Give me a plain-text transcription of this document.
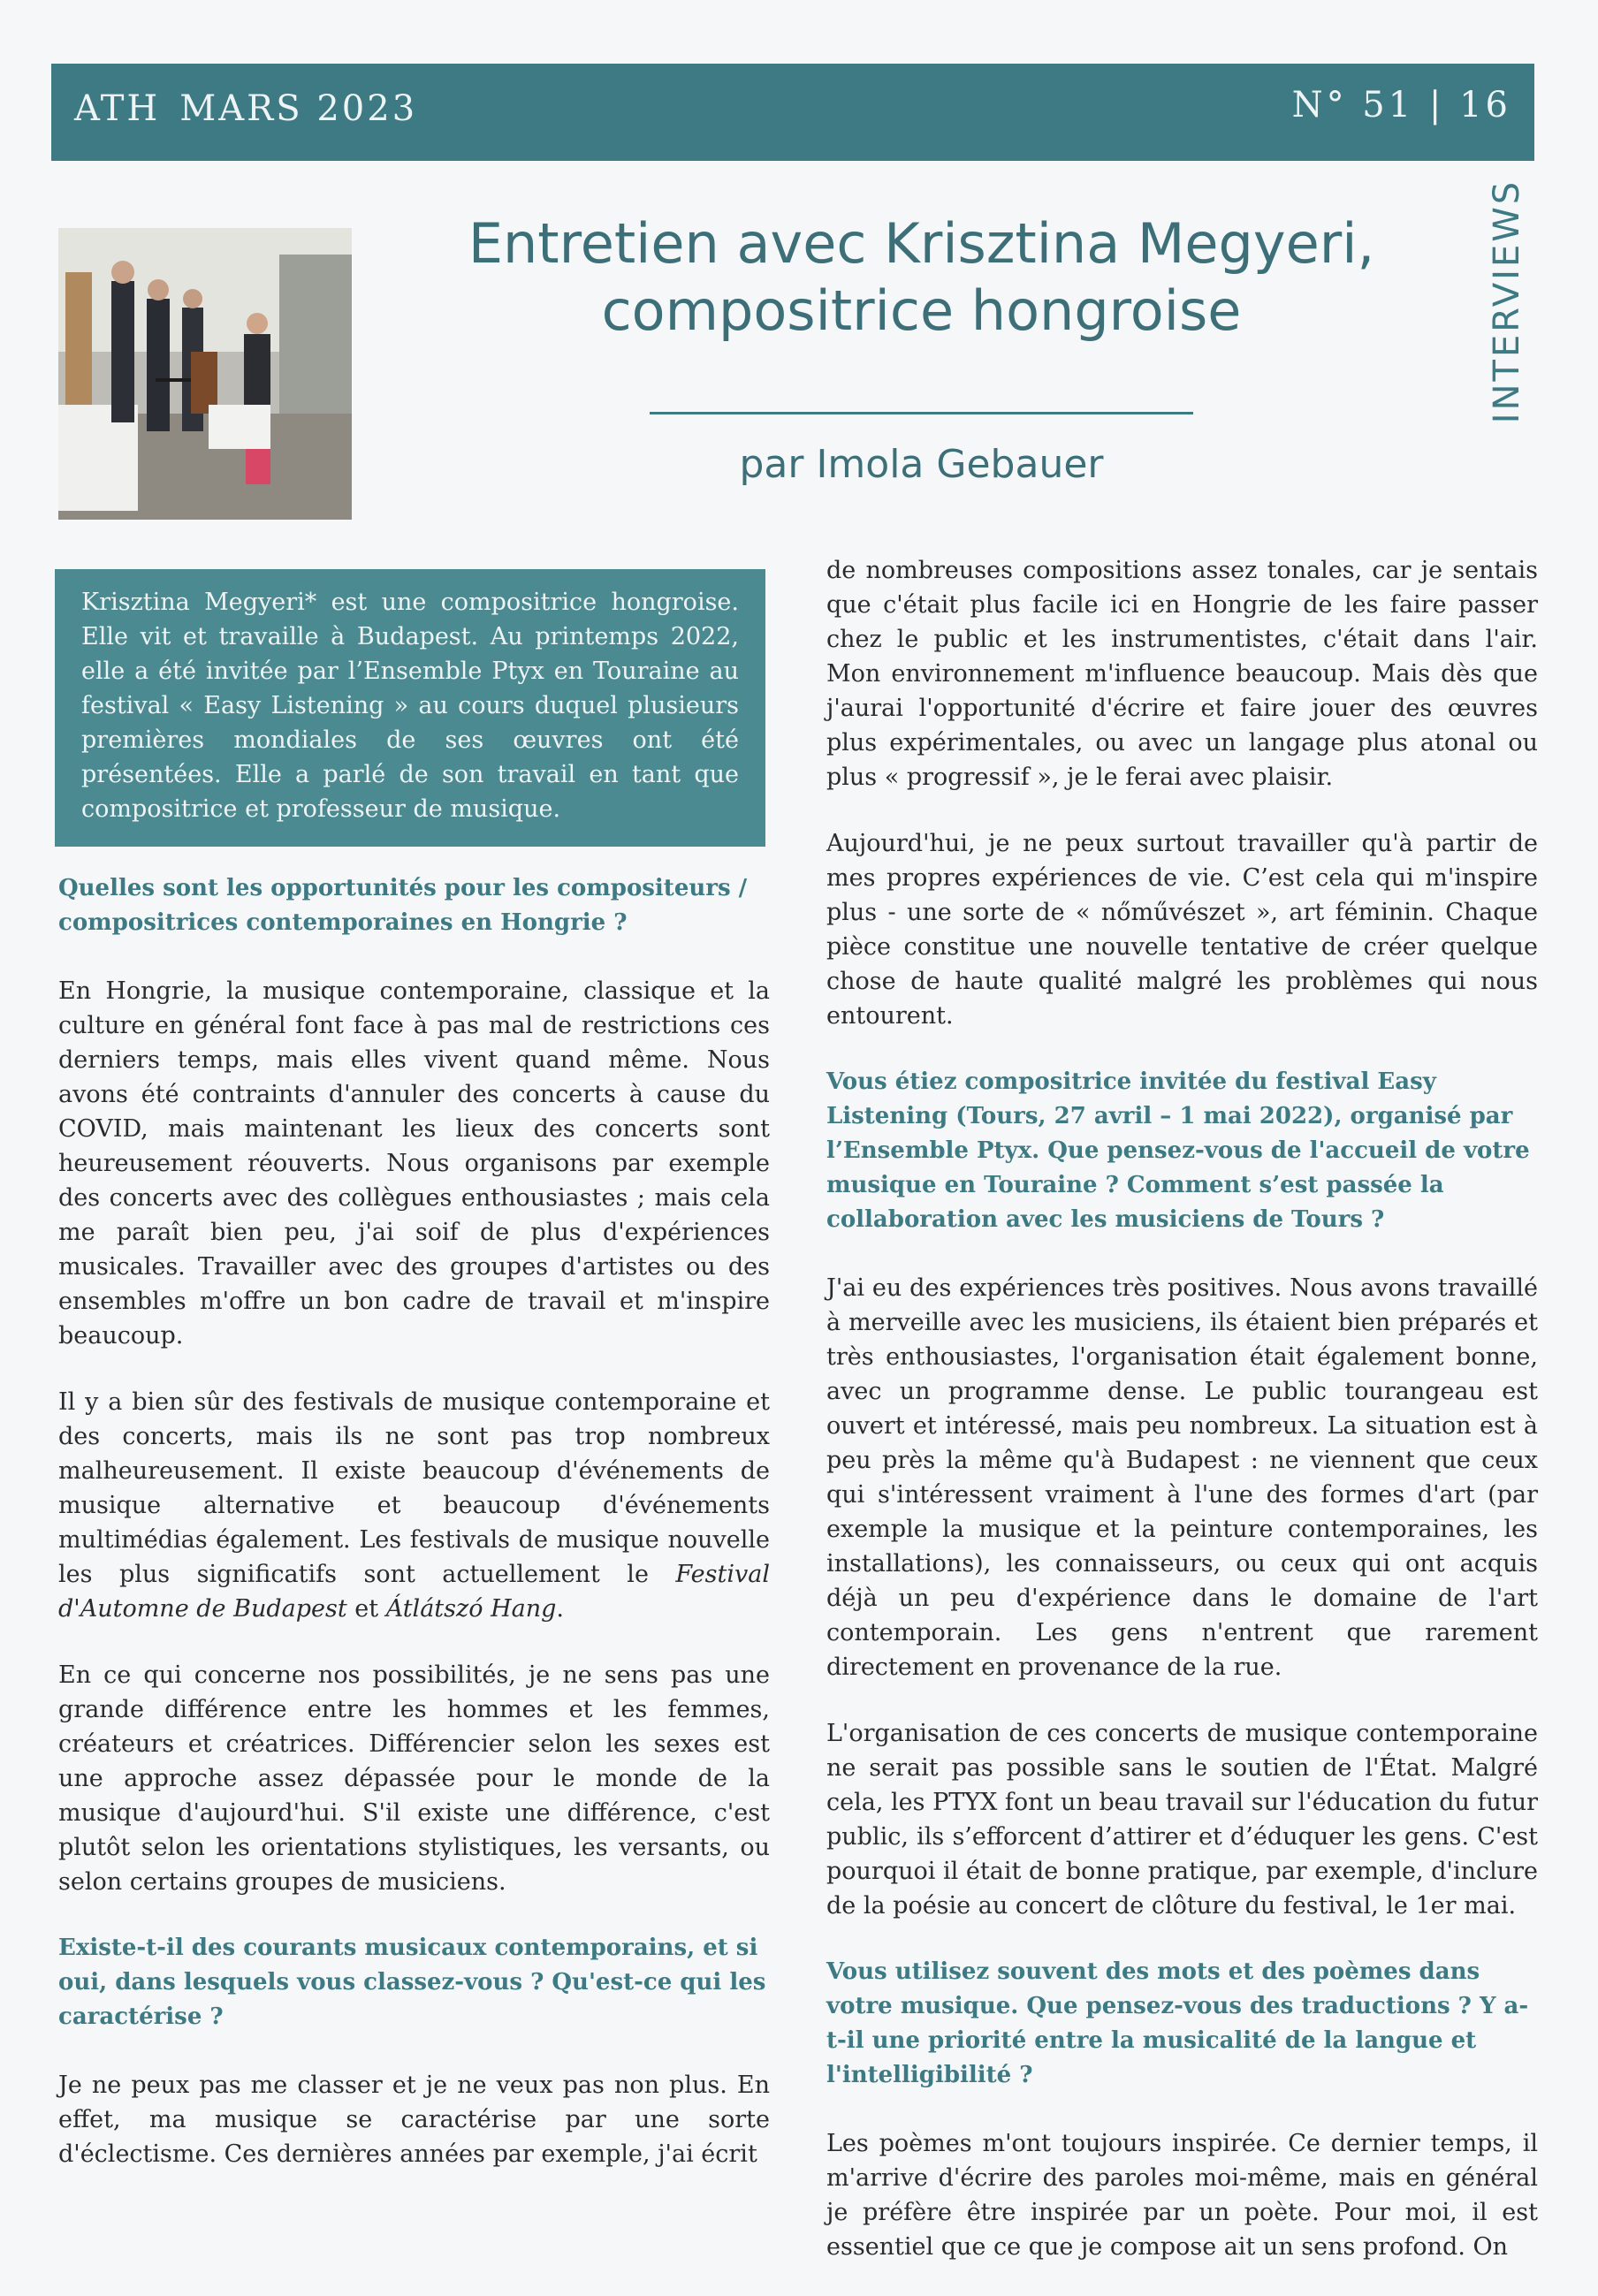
ATH MARS 2023	N° 51 | 16
INTERVIEWS
Entretien avec Krisztina Megyeri,
compositrice hongroise
par Imola Gebauer
Krisztina Megyeri* est une compositrice hongroise. Elle vit et travaille à Budapest. Au printemps 2022, elle a été invitée par l’Ensemble Ptyx en Touraine au festival « Easy Listening » au cours duquel plusieurs premières mondiales de ses œuvres ont été présentées. Elle a parlé de son travail en tant que compositrice et professeur de musique.
Quelles sont les opportunités pour les compositeurs / compositrices contemporaines en Hongrie ?
En Hongrie, la musique contemporaine, classique et la culture en général font face à pas mal de restrictions ces derniers temps, mais elles vivent quand même. Nous avons été contraints d'annuler des concerts à cause du COVID, mais maintenant les lieux des concerts sont heureusement réouverts. Nous organisons par exemple des concerts avec des collègues enthousiastes ; mais cela me paraît bien peu, j'ai soif de plus d'expériences musicales. Travailler avec des groupes d'artistes ou des ensembles m'offre un bon cadre de travail et m'inspire beaucoup.
Il y a bien sûr des festivals de musique contemporaine et des concerts, mais ils ne sont pas trop nombreux malheureusement. Il existe beaucoup d'événements de musique alternative et beaucoup d'événements multimédias également. Les festivals de musique nouvelle les plus significatifs sont actuellement le Festival d'Automne de Budapest et Átlátszó Hang.
En ce qui concerne nos possibilités, je ne sens pas une grande différence entre les hommes et les femmes, créateurs et créatrices. Différencier selon les sexes est une approche assez dépassée pour le monde de la musique d'aujourd'hui. S'il existe une différence, c'est plutôt selon les orientations stylistiques, les versants, ou selon certains groupes de musiciens.
Existe-t-il des courants musicaux contemporains, et si oui, dans lesquels vous classez-vous ? Qu'est-ce qui les caractérise ?
Je ne peux pas me classer et je ne veux pas non plus. En effet, ma musique se caractérise par une sorte d'éclectisme. Ces dernières années par exemple, j'ai écrit
de nombreuses compositions assez tonales, car je sentais que c'était plus facile ici en Hongrie de les faire passer chez le public et les instrumentistes, c'était dans l'air. Mon environnement m'influence beaucoup. Mais dès que j'aurai l'opportunité d'écrire et faire jouer des œuvres plus expérimentales, ou avec un langage plus atonal ou plus « progressif », je le ferai avec plaisir.
Aujourd'hui, je ne peux surtout travailler qu'à partir de mes propres expériences de vie. C’est cela qui m'inspire plus - une sorte de « nőművészet », art féminin. Chaque pièce constitue une nouvelle tentative de créer quelque chose de haute qualité malgré les problèmes qui nous entourent.
Vous étiez compositrice invitée du festival Easy Listening (Tours, 27 avril – 1 mai 2022), organisé par l’Ensemble Ptyx. Que pensez-vous de l'accueil de votre musique en Touraine ? Comment s’est passée la collaboration avec les musiciens de Tours ?
J'ai eu des expériences très positives. Nous avons travaillé à merveille avec les musiciens, ils étaient bien préparés et très enthousiastes, l'organisation était également bonne, avec un programme dense. Le public tourangeau est ouvert et intéressé, mais peu nombreux. La situation est à peu près la même qu'à Budapest : ne viennent que ceux qui s'intéressent vraiment à l'une des formes d'art (par exemple la musique et la peinture contemporaines, les installations), les connaisseurs, ou ceux qui ont acquis déjà un peu d'expérience dans le domaine de l'art contemporain. Les gens n'entrent que rarement directement en provenance de la rue.
L'organisation de ces concerts de musique contemporaine ne serait pas possible sans le soutien de l'État. Malgré cela, les PTYX font un beau travail sur l'éducation du futur public, ils s’efforcent d’attirer et d’éduquer les gens. C'est pourquoi il était de bonne pratique, par exemple, d'inclure de la poésie au concert de clôture du festival, le 1er mai.
Vous utilisez souvent des mots et des poèmes dans votre musique. Que pensez-vous des traductions ? Y a-t-il une priorité entre la musicalité de la langue et l'intelligibilité ?
Les poèmes m'ont toujours inspirée. Ce dernier temps, il m'arrive d'écrire des paroles moi-même, mais en général je préfère être inspirée par un poète. Pour moi, il est essentiel que ce que je compose ait un sens profond. On
